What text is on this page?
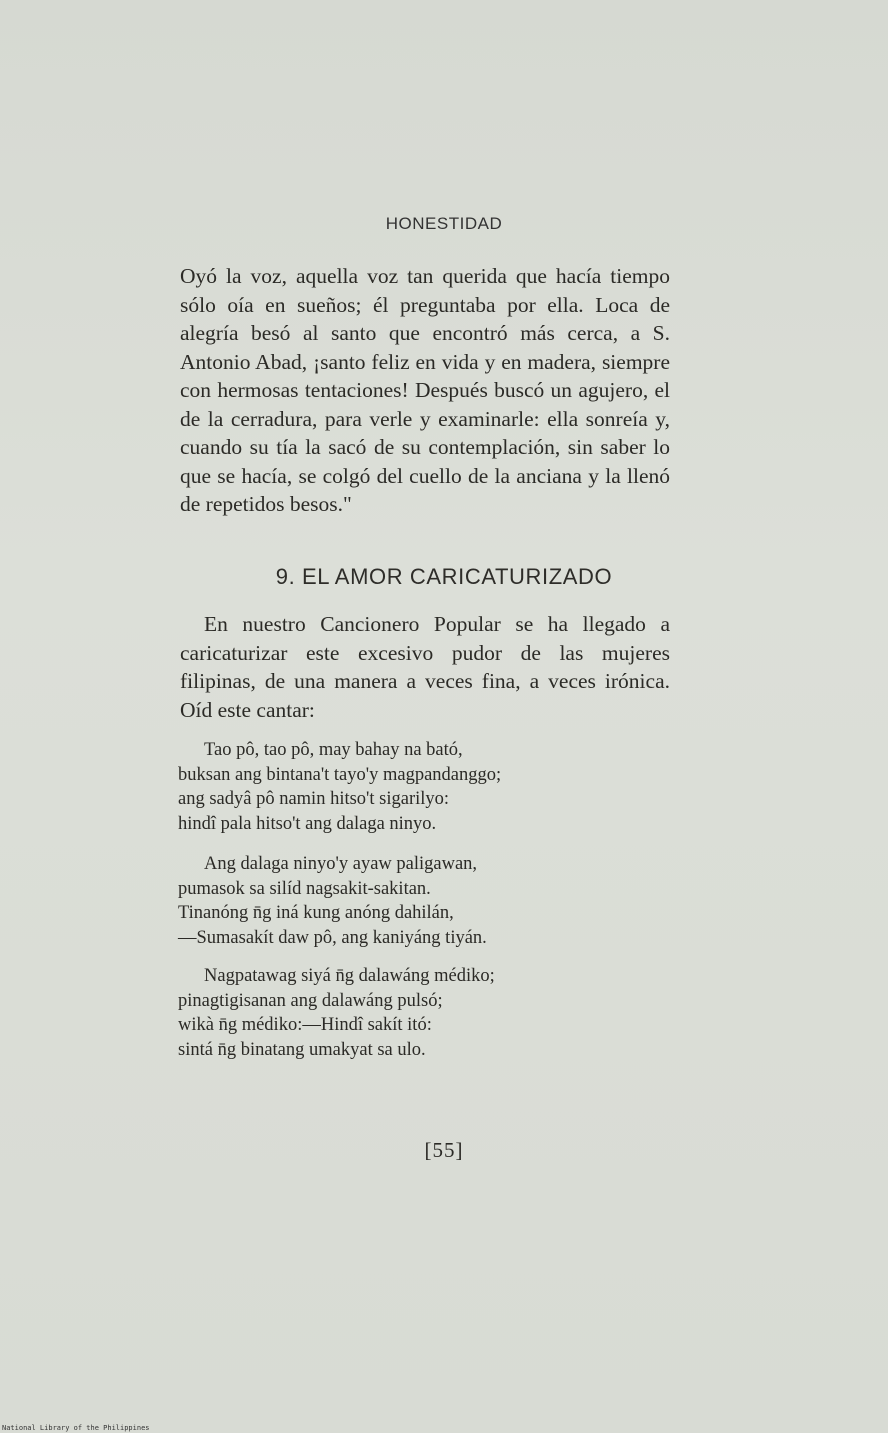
HONESTIDAD
Oyó la voz, aquella voz tan querida que hacía tiempo sólo oía en sueños; él preguntaba por ella. Loca de alegría besó al santo que encontró más cerca, a S. Antonio Abad, ¡santo feliz en vida y en madera, siempre con hermosas tentaciones! Después buscó un agujero, el de la cerradura, para verle y examinarle: ella sonreía y, cuando su tía la sacó de su contemplación, sin saber lo que se hacía, se colgó del cuello de la anciana y la llenó de repetidos besos."
9. EL AMOR CARICATURIZADO
En nuestro Cancionero Popular se ha llegado a caricaturizar este excesivo pudor de las mujeres filipinas, de una manera a veces fina, a veces irónica. Oíd este cantar:
Tao pô, tao pô, may bahay na bató,
buksan ang bintana't tayo'y magpandanggo;
ang sadyâ pô namin hitso't sigarilyo:
hindî pala hitso't ang dalaga ninyo.
Ang dalaga ninyo'y ayaw paligawan,
pumasok sa silíd nagsakit-sakitan.
Tinanóng n̄g iná kung anóng dahilán,
—Sumasakít daw pô, ang kaniyáng tiyán.
Nagpatawag siyá n̄g dalawáng médiko;
pinagtigisanan ang dalawáng pulsó;
wikà n̄g médiko:—Hindî sakít itó:
sintá n̄g binatang umakyat sa ulo.
[55]
National Library of the Philippines
